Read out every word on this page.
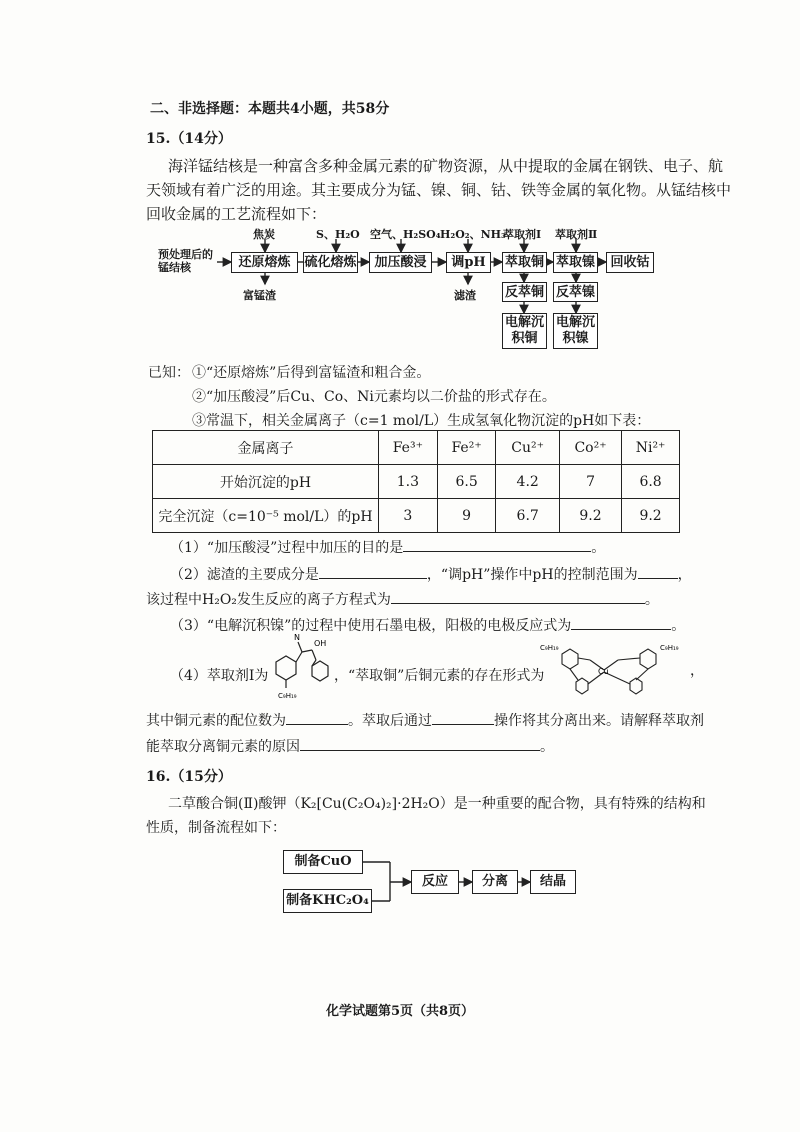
二、非选择题：本题共4小题，共58分
15.（14分）
海洋锰结核是一种富含多种金属元素的矿物资源，从中提取的金属在钢铁、电子、航
天领域有着广泛的用途。其主要成分为锰、镍、铜、钴、铁等金属的氧化物。从锰结核中
回收金属的工艺流程如下：
预处理后的锰结核
焦炭	S、H₂O 空气、H₂SO₄ H₂O₂、NH₃
萃取剂Ⅰ 萃取剂Ⅱ
还原熔炼	硫化熔炼	加压酸浸	调pH	萃取铜 萃取镍	回收钴
富锰渣	滤渣 反萃铜 反萃镍
电解沉积铜
电解沉积镍
已知： ①“还原熔炼”后得到富锰渣和粗合金。
②“加压酸浸”后Cu、Co、Ni元素均以二价盐的形式存在。
③常温下，相关金属离子（c=1 mol/L）生成氢氧化物沉淀的pH如下表：
金属离子	Fe³⁺	Fe²⁺	Cu²⁺	Co²⁺	Ni²⁺
开始沉淀的pH	1.3	6.5	4.2	7	6.8
完全沉淀（c=10⁻⁵ mol/L）的pH	3	9	6.7	9.2	9.2
（1）“加压酸浸”过程中加压的目的是	。
（2）滤渣的主要成分是	，“调pH”操作中pH的控制范围为	，
该过程中H₂O₂发生反应的离子方程式为	。
（3）“电解沉积镍”的过程中使用石墨电极，阳极的电极反应式为	。
（4）萃取剂Ⅰ为
N
OH
C₉H₁₉
，“萃取铜”后铜元素的存在形式为
C₉H₁₉	C₉H₁₉
Cu	，
其中铜元素的配位数为	。萃取后通过	操作将其分离出来。请解释萃取剂
能萃取分离铜元素的原因	。
16.（15分）
二草酸合铜(Ⅱ)酸钾（K₂[Cu(C₂O₄)₂]·2H₂O）是一种重要的配合物，具有特殊的结构和
性质，制备流程如下：
制备CuO
制备KHC₂O₄
反应	分离	结晶
化学试题第5页（共8页）
